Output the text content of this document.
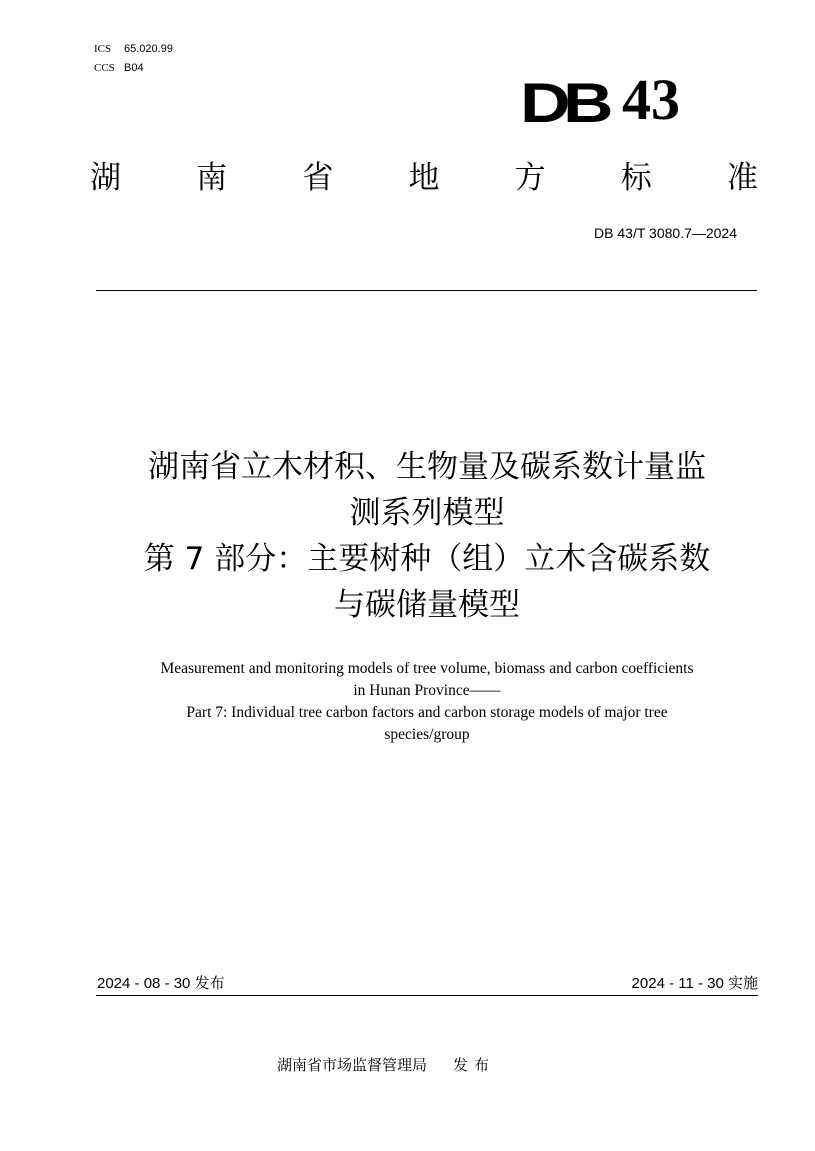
ICS 65.020.99
CCS B04
DB 43
湖 南 省 地 方 标 准
DB 43/T 3080.7—2024
湖南省立木材积、生物量及碳系数计量监
测系列模型
第 7 部分：主要树种（组）立木含碳系数
与碳储量模型
Measurement and monitoring models of tree volume, biomass and carbon coefficients
in Hunan Province——
Part 7: Individual tree carbon factors and carbon storage models of major tree
species/group
2024 - 08 - 30 发布	2024 - 11 - 30 实施
湖南省市场监督管理局 发布
